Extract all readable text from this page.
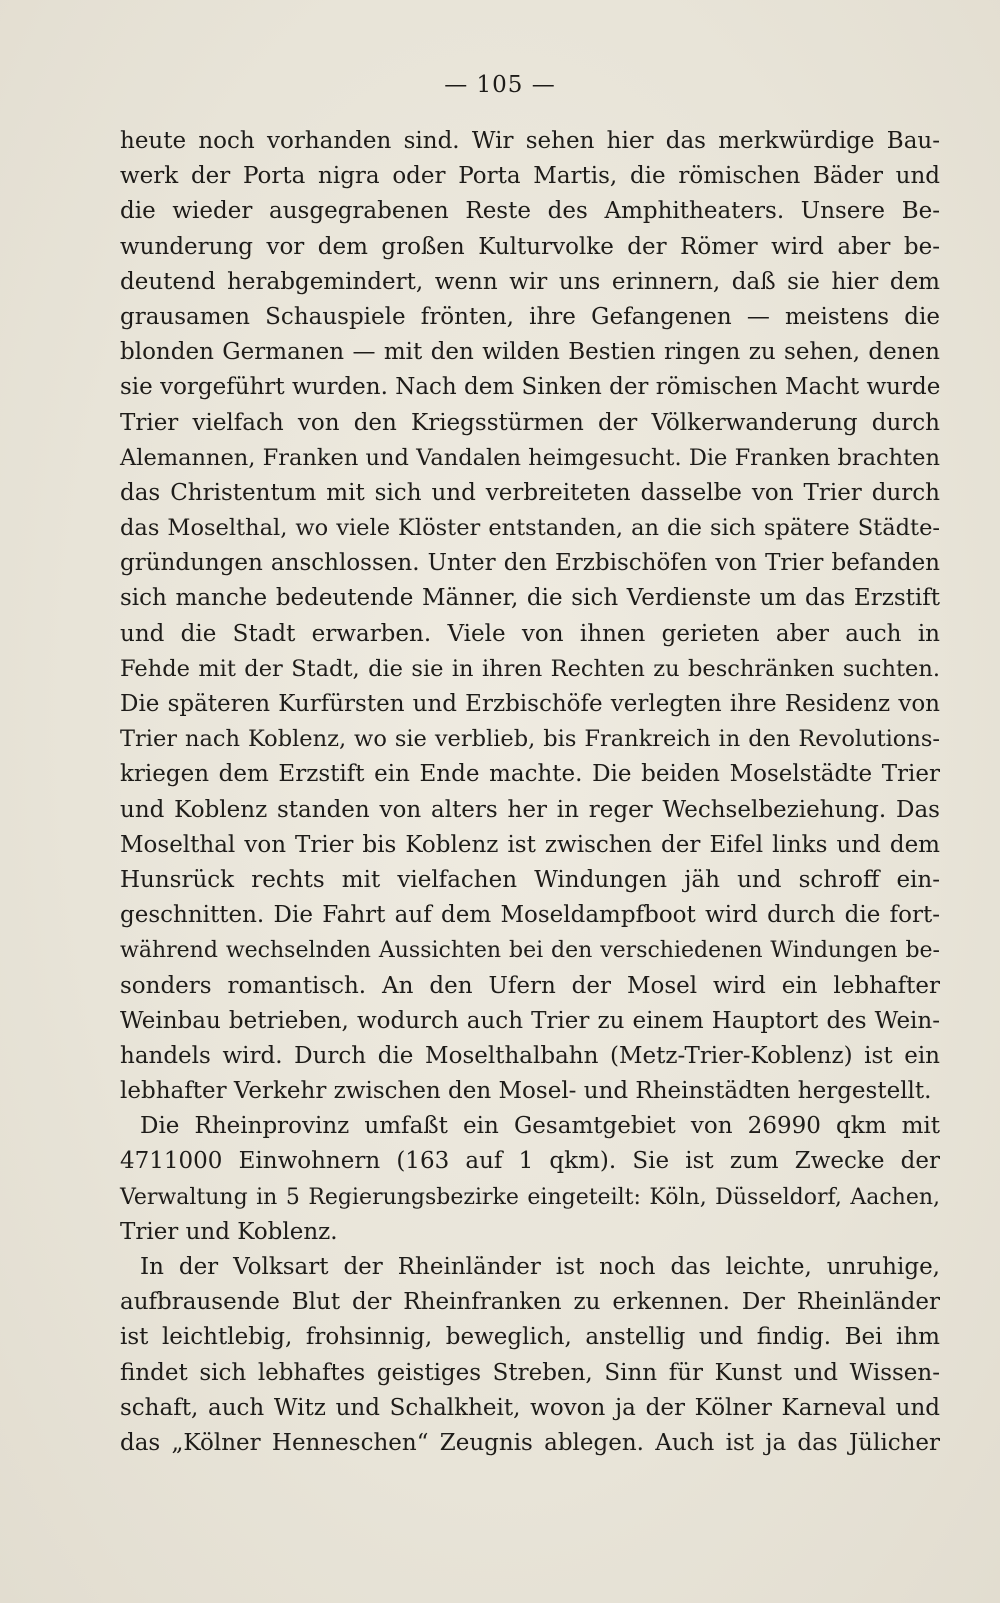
— 105 —
heute noch vorhanden sind. Wir sehen hier das merkwürdige Bau-
werk der Porta nigra oder Porta Martis, die römischen Bäder und
die wieder ausgegrabenen Reste des Amphitheaters. Unsere Be-
wunderung vor dem großen Kulturvolke der Römer wird aber be-
deutend herabgemindert, wenn wir uns erinnern, daß sie hier dem
grausamen Schauspiele frönten, ihre Gefangenen — meistens die
blonden Germanen — mit den wilden Bestien ringen zu sehen, denen
sie vorgeführt wurden. Nach dem Sinken der römischen Macht wurde
Trier vielfach von den Kriegsstürmen der Völkerwanderung durch
Alemannen, Franken und Vandalen heimgesucht. Die Franken brachten
das Christentum mit sich und verbreiteten dasselbe von Trier durch
das Moselthal, wo viele Klöster entstanden, an die sich spätere Städte-
gründungen anschlossen. Unter den Erzbischöfen von Trier befanden
sich manche bedeutende Männer, die sich Verdienste um das Erzstift
und die Stadt erwarben. Viele von ihnen gerieten aber auch in
Fehde mit der Stadt, die sie in ihren Rechten zu beschränken suchten.
Die späteren Kurfürsten und Erzbischöfe verlegten ihre Residenz von
Trier nach Koblenz, wo sie verblieb, bis Frankreich in den Revolutions-
kriegen dem Erzstift ein Ende machte. Die beiden Moselstädte Trier
und Koblenz standen von alters her in reger Wechselbeziehung. Das
Moselthal von Trier bis Koblenz ist zwischen der Eifel links und dem
Hunsrück rechts mit vielfachen Windungen jäh und schroff ein-
geschnitten. Die Fahrt auf dem Moseldampfboot wird durch die fort-
während wechselnden Aussichten bei den verschiedenen Windungen be-
sonders romantisch. An den Ufern der Mosel wird ein lebhafter
Weinbau betrieben, wodurch auch Trier zu einem Hauptort des Wein-
handels wird. Durch die Moselthalbahn (Metz-Trier-Koblenz) ist ein
lebhafter Verkehr zwischen den Mosel- und Rheinstädten hergestellt.
Die Rheinprovinz umfaßt ein Gesamtgebiet von 26990 qkm mit
4711000 Einwohnern (163 auf 1 qkm). Sie ist zum Zwecke der
Verwaltung in 5 Regierungsbezirke eingeteilt: Köln, Düsseldorf, Aachen,
Trier und Koblenz.
In der Volksart der Rheinländer ist noch das leichte, unruhige,
aufbrausende Blut der Rheinfranken zu erkennen. Der Rheinländer
ist leichtlebig, frohsinnig, beweglich, anstellig und findig. Bei ihm
findet sich lebhaftes geistiges Streben, Sinn für Kunst und Wissen-
schaft, auch Witz und Schalkheit, wovon ja der Kölner Karneval und
das „Kölner Henneschen“ Zeugnis ablegen. Auch ist ja das Jülicher
